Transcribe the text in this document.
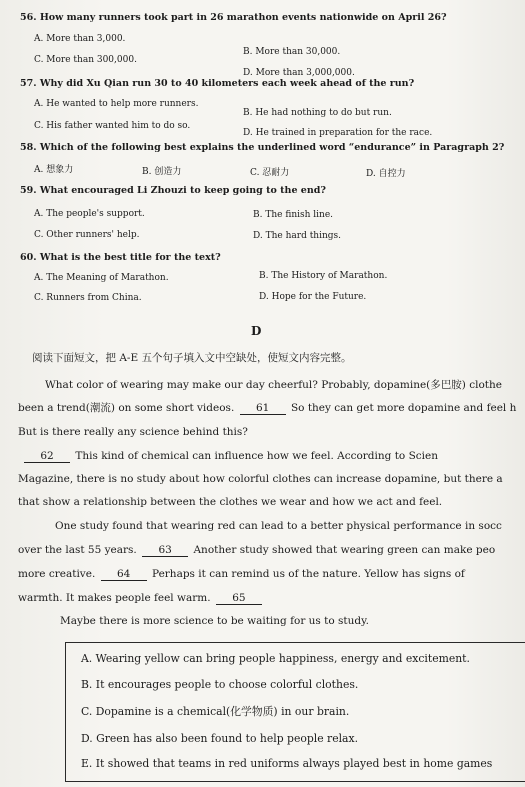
56. How many runners took part in 26 marathon events nationwide on April 26?
A. More than 3,000.
B. More than 30,000.
C. More than 300,000.
D. More than 3,000,000.
57. Why did Xu Qian run 30 to 40 kilometers each week ahead of the run?
A. He wanted to help more runners.
B. He had nothing to do but run.
C. His father wanted him to do so.
D. He trained in preparation for the race.
58. Which of the following best explains the underlined word “endurance” in Paragraph 2?
A. 想象力	B. 创造力	C. 忍耐力	D. 自控力
59. What encouraged Li Zhouzi to keep going to the end?
A. The people's support.	B. The finish line.
C. Other runners' help.	D. The hard things.
60. What is the best title for the text?
A. The Meaning of Marathon.	B. The History of Marathon.
C. Runners from China.	D. Hope for the Future.
D
阅读下面短文，把 A-E 五个句子填入文中空缺处，使短文内容完整。
What color of wearing may make our day cheerful? Probably, dopamine(多巴胺) clothe
been a trend(潮流) on some short videos. 61 So they can get more dopamine and feel h
But is there really any science behind this?
62 This kind of chemical can influence how we feel. According to Scien
Magazine, there is no study about how colorful clothes can increase dopamine, but there a
that show a relationship between the clothes we wear and how we act and feel.
One study found that wearing red can lead to a better physical performance in socc
over the last 55 years. 63 Another study showed that wearing green can make peo
more creative. 64 Perhaps it can remind us of the nature. Yellow has signs of
warmth. It makes people feel warm. 65
Maybe there is more science to be waiting for us to study.
A. Wearing yellow can bring people happiness, energy and excitement.
B. It encourages people to choose colorful clothes.
C. Dopamine is a chemical(化学物质) in our brain.
D. Green has also been found to help people relax.
E. It showed that teams in red uniforms always played best in home games
